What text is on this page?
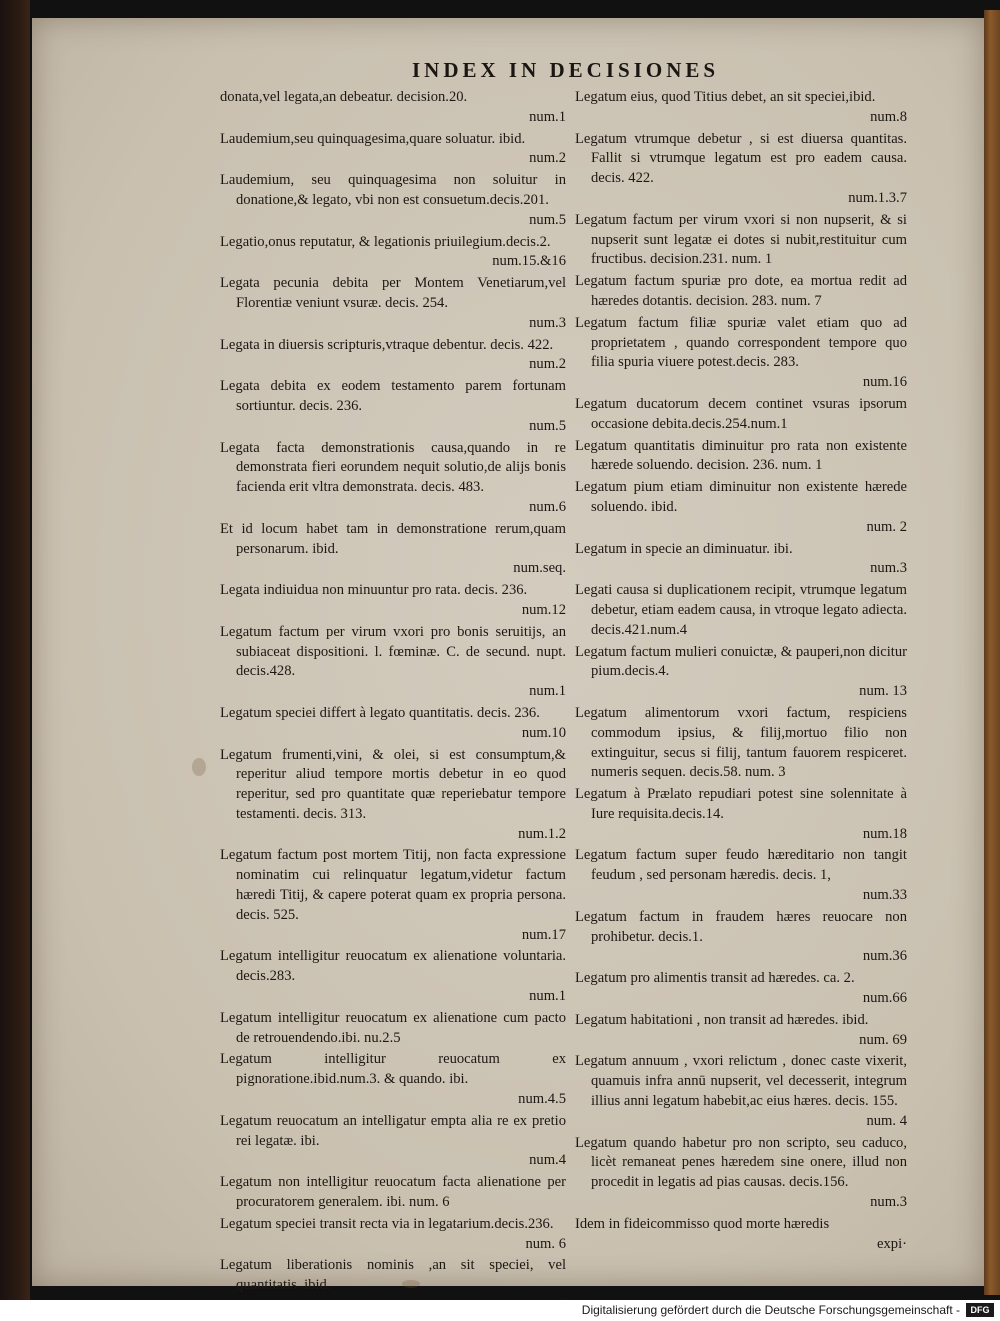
INDEX IN DECISIONES

donata,vel legata,an debeatur. decision.20.
num.1

Laudemium,seu quinquagesima,quare soluatur. ibid.
num.2

Laudemium, seu quinquagesima non soluitur in donatione,& legato, vbi non est consuetum.decis.201.
num.5

Legatio,onus reputatur, & legationis priuilegium.decis.2.
num.15.&16

Legata pecunia debita per Montem Venetiarum,vel Florentiæ veniunt vsuræ. decis. 254.
num.3

Legata in diuersis scripturis,vtraque debentur. decis. 422.
num.2

Legata debita ex eodem testamento parem fortunam sortiuntur. decis. 236.
num.5

Legata facta demonstrationis causa,quando in re demonstrata fieri eorundem nequit solutio,de alijs bonis facienda erit vltra demonstrata. decis. 483.
num.6

Et id locum habet tam in demonstratione rerum,quam personarum. ibid.
num.seq.

Legata indiuidua non minuuntur pro rata. decis. 236.
num.12

Legatum factum per virum vxori pro bonis seruitijs, an subiaceat dispositioni. l. fœminæ. C. de secund. nupt. decis.428.
num.1

Legatum speciei differt à legato quantitatis. decis. 236.
num.10

Legatum frumenti,vini, & olei, si est consumptum,& reperitur aliud tempore mortis debetur in eo quod reperitur, sed pro quantitate quæ reperiebatur tempore testamenti. decis. 313.
num.1.2

Legatum factum post mortem Titij, non facta expressione nominatim cui relinquatur legatum,videtur factum hæredi Titij, & capere poterat quam ex propria persona. decis. 525.
num.17

Legatum intelligitur reuocatum ex alienatione voluntaria. decis.283.
num.1

Legatum intelligitur reuocatum ex alienatione cum pacto de retrouendendo.ibi. nu.2.5

Legatum intelligitur reuocatum ex pignoratione.ibid.num.3. & quando. ibi.
num.4.5

Legatum reuocatum an intelligatur empta alia re ex pretio rei legatæ. ibi.
num.4

Legatum non intelligitur reuocatum facta alienatione per procuratorem generalem. ibi. num. 6

Legatum speciei transit recta via in legatarium.decis.236.
num. 6

Legatum liberationis nominis ,an sit speciei, vel quantitatis. ibid.

Legatum eius, quod Titius debet, an sit speciei,ibid.
num.8

Legatum vtrumque debetur , si est diuersa quantitas. Fallit si vtrumque legatum est pro eadem causa. decis. 422.
num.1.3.7

Legatum factum per virum vxori si non nupserit, & si nupserit sunt legatæ ei dotes si nubit,restituitur cum fructibus. decision.231. num. 1

Legatum factum spuriæ pro dote, ea mortua redit ad hæredes dotantis. decision. 283. num. 7

Legatum factum filiæ spuriæ valet etiam quo ad proprietatem , quando correspondent tempore quo filia spuria viuere potest.decis. 283.
num.16

Legatum ducatorum decem continet vsuras ipsorum occasione debita.decis.254.num.1

Legatum quantitatis diminuitur pro rata non existente hærede soluendo. decision. 236. num. 1

Legatum pium etiam diminuitur non existente hærede soluendo. ibid.
num. 2

Legatum in specie an diminuatur. ibi.
num.3

Legati causa si duplicationem recipit, vtrumque legatum debetur, etiam eadem causa, in vtroque legato adiecta. decis.421.num.4

Legatum factum mulieri conuictæ, & pauperi,non dicitur pium.decis.4.
num. 13

Legatum alimentorum vxori factum, respiciens commodum ipsius, & filij,mortuo filio non extinguitur, secus si filij, tantum fauorem respiceret. numeris sequen. decis.58. num. 3

Legatum à Prælato repudiari potest sine solennitate à Iure requisita.decis.14.
num.18

Legatum factum super feudo hæreditario non tangit feudum , sed personam hæredis. decis. 1,
num.33

Legatum factum in fraudem hæres reuocare non prohibetur. decis.1.
num.36

Legatum pro alimentis transit ad hæredes. ca. 2.
num.66

Legatum habitationi , non transit ad hæredes. ibid.
num. 69

Legatum annuum , vxori relictum , donec caste vixerit, quamuis infra annū nupserit, vel decesserit, integrum illius anni legatum habebit,ac eius hæres. decis. 155.
num. 4

Legatum quando habetur pro non scripto, seu caduco, licèt remaneat penes hæredem sine onere, illud non procedit in legatis ad pias causas. decis.156.
num.3

Idem in fideicommisso quod morte hæredis
expi·

Digitalisierung gefördert durch die Deutsche Forschungsgemeinschaft -	DFG
